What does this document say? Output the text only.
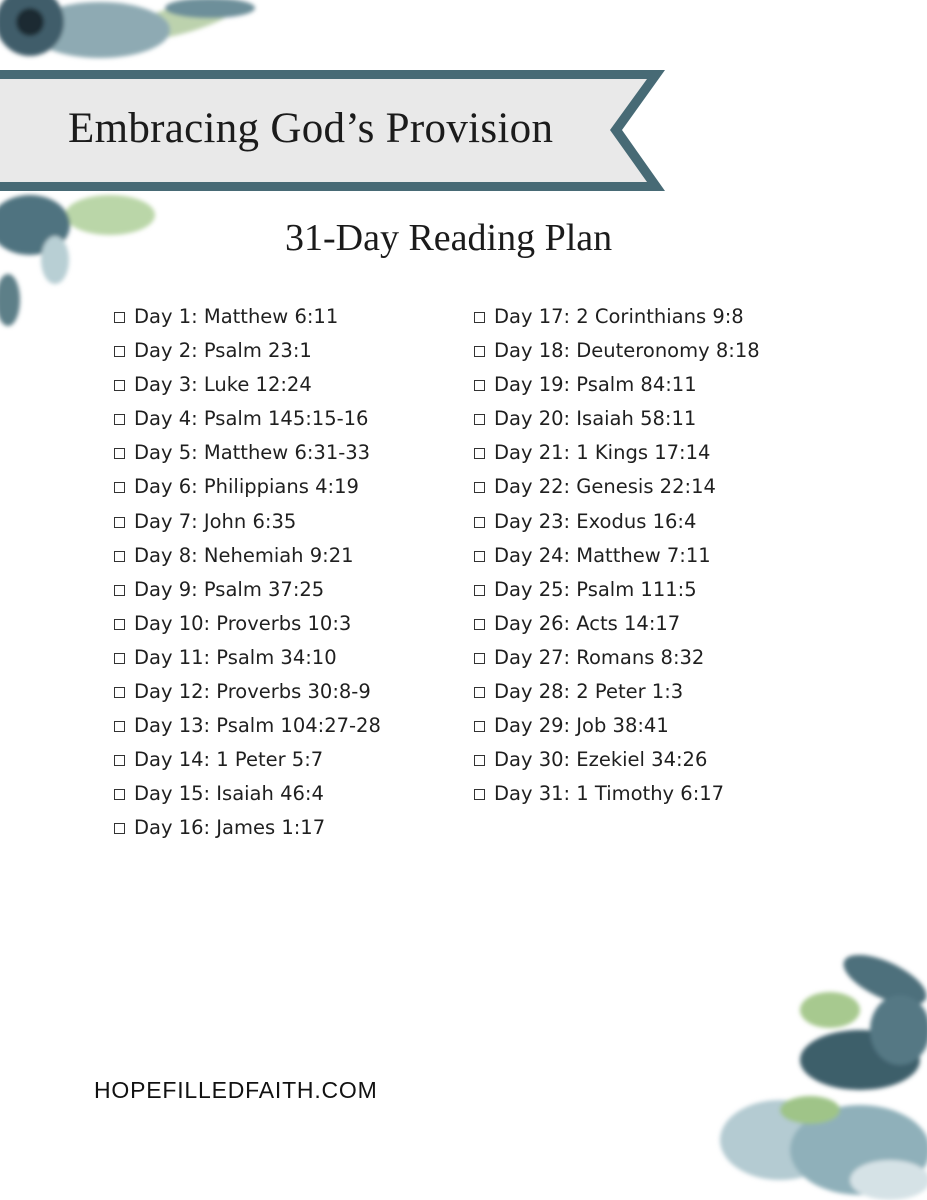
Embracing God’s Provision
31-Day Reading Plan
Day 1: Matthew 6:11
Day 2: Psalm 23:1
Day 3: Luke 12:24
Day 4: Psalm 145:15-16
Day 5: Matthew 6:31-33
Day 6: Philippians 4:19
Day 7: John 6:35
Day 8: Nehemiah 9:21
Day 9: Psalm 37:25
Day 10: Proverbs 10:3
Day 11: Psalm 34:10
Day 12: Proverbs 30:8-9
Day 13: Psalm 104:27-28
Day 14: 1 Peter 5:7
Day 15: Isaiah 46:4
Day 16: James 1:17
Day 17: 2 Corinthians 9:8
Day 18: Deuteronomy 8:18
Day 19: Psalm 84:11
Day 20: Isaiah 58:11
Day 21: 1 Kings 17:14
Day 22: Genesis 22:14
Day 23: Exodus 16:4
Day 24: Matthew 7:11
Day 25: Psalm 111:5
Day 26: Acts 14:17
Day 27: Romans 8:32
Day 28: 2 Peter 1:3
Day 29: Job 38:41
Day 30: Ezekiel 34:26
Day 31: 1 Timothy 6:17
HOPEFILLEDFAITH.COM
